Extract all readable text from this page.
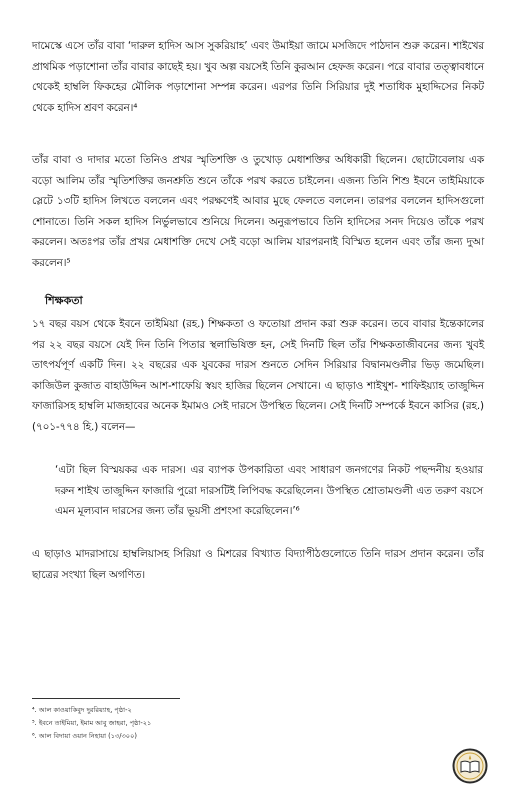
দামেস্কে এসে তাঁর বাবা ‘দারুল হাদিস আস সুকরিয়াহ’ এবং উমাইয়া জামে মসজিদে পাঠদান শুরু করেন। শাইখের প্রাথমিক পড়াশোনা তাঁর বাবার কাছেই হয়। খুব অল্প বয়সেই তিনি কুরআন হেফজ করেন। পরে বাবার তত্ত্বাবধানে থেকেই হাম্বলি ফিকহের মৌলিক পড়াশোনা সম্পন্ন করেন। এরপর তিনি সিরিয়ার দুই শতাধিক মুহাদ্দিসের নিকট থেকে হাদিস শ্রবণ করেন।⁴

তাঁর বাবা ও দাদার মতো তিনিও প্রখর স্মৃতিশক্তি ও তুখোড় মেধাশক্তির অধিকারী ছিলেন। ছোটোবেলায় এক বড়ো আলিম তাঁর স্মৃতিশক্তির জনশ্রুতি শুনে তাঁকে পরখ করতে চাইলেন। এজন্য তিনি শিশু ইবনে তাইমিয়াকে স্লেটে ১৩টি হাদিস লিখতে বললেন এবং পরক্ষণেই আবার মুছে ফেলতে বললেন। তারপর বললেন হাদিসগুলো শোনাতে। তিনি সকল হাদিস নির্ভুলভাবে শুনিয়ে দিলেন। অনুরূপভাবে তিনি হাদিসের সনদ দিয়েও তাঁকে পরখ করলেন। অতঃপর তাঁর প্রখর মেধাশক্তি দেখে সেই বড়ো আলিম যারপরনাই বিস্মিত হলেন এবং তাঁর জন্য দুআ করলেন।⁵

শিক্ষকতা

১৭ বছর বয়স থেকে ইবনে তাইমিয়া (রহ.) শিক্ষকতা ও ফতোয়া প্রদান করা শুরু করেন। তবে বাবার ইন্তেকালের পর ২২ বছর বয়সে যেই দিন তিনি পিতার স্থলাভিষিক্ত হন, সেই দিনটি ছিল তাঁর শিক্ষকতাজীবনের জন্য খুবই তাৎপর্যপূর্ণ একটি দিন। ২২ বছরের এক যুবকের দারস শুনতে সেদিন সিরিয়ার বিদ্বানমণ্ডলীর ভিড় জমেছিল। কাজিউল কুজাত বাহাউদ্দিন আশ-শাফেয়ি স্বয়ং হাজির ছিলেন সেখানে। এ ছাড়াও শাইখুশ- শাফিইয়্যাহ তাজুদ্দিন ফাজারিসহ হাম্বলি মাজহাবের অনেক ইমামও সেই দারসে উপস্থিত ছিলেন। সেই দিনটি সম্পর্কে ইবনে কাসির (রহ.) (৭০১-৭৭৪ হি.) বলেন—

‘এটা ছিল বিস্ময়কর এক দারস। এর ব্যাপক উপকারিতা এবং সাধারণ জনগণের নিকট পছন্দনীয় হওয়ার দরুন শাইখ তাজুদ্দিন ফাজারি পুরো দারসটিই লিপিবদ্ধ করেছিলেন। উপস্থিত শ্রোতামণ্ডলী এত তরুণ বয়সে এমন মূল্যবান দারসের জন্য তাঁর ভূয়সী প্রশংসা করেছিলেন।’⁶

এ ছাড়াও মাদরাসায়ে হাম্বলিয়াসহ সিরিয়া ও মিশরের বিখ্যাত বিদ্যাপীঠগুলোতে তিনি দারস প্রদান করেন। তাঁর ছাত্রের সংখ্যা ছিল অগণিত।

⁴. আল কাওয়াকিবুদ দুররিয়্যাহ, পৃষ্ঠা-২

⁵. ইবনে তাইমিয়া, ইমাম আবু জাহরা, পৃষ্ঠা-২১

⁶. আল বিদায়া ওয়ান নিহায়া (১৩/৩০০)
